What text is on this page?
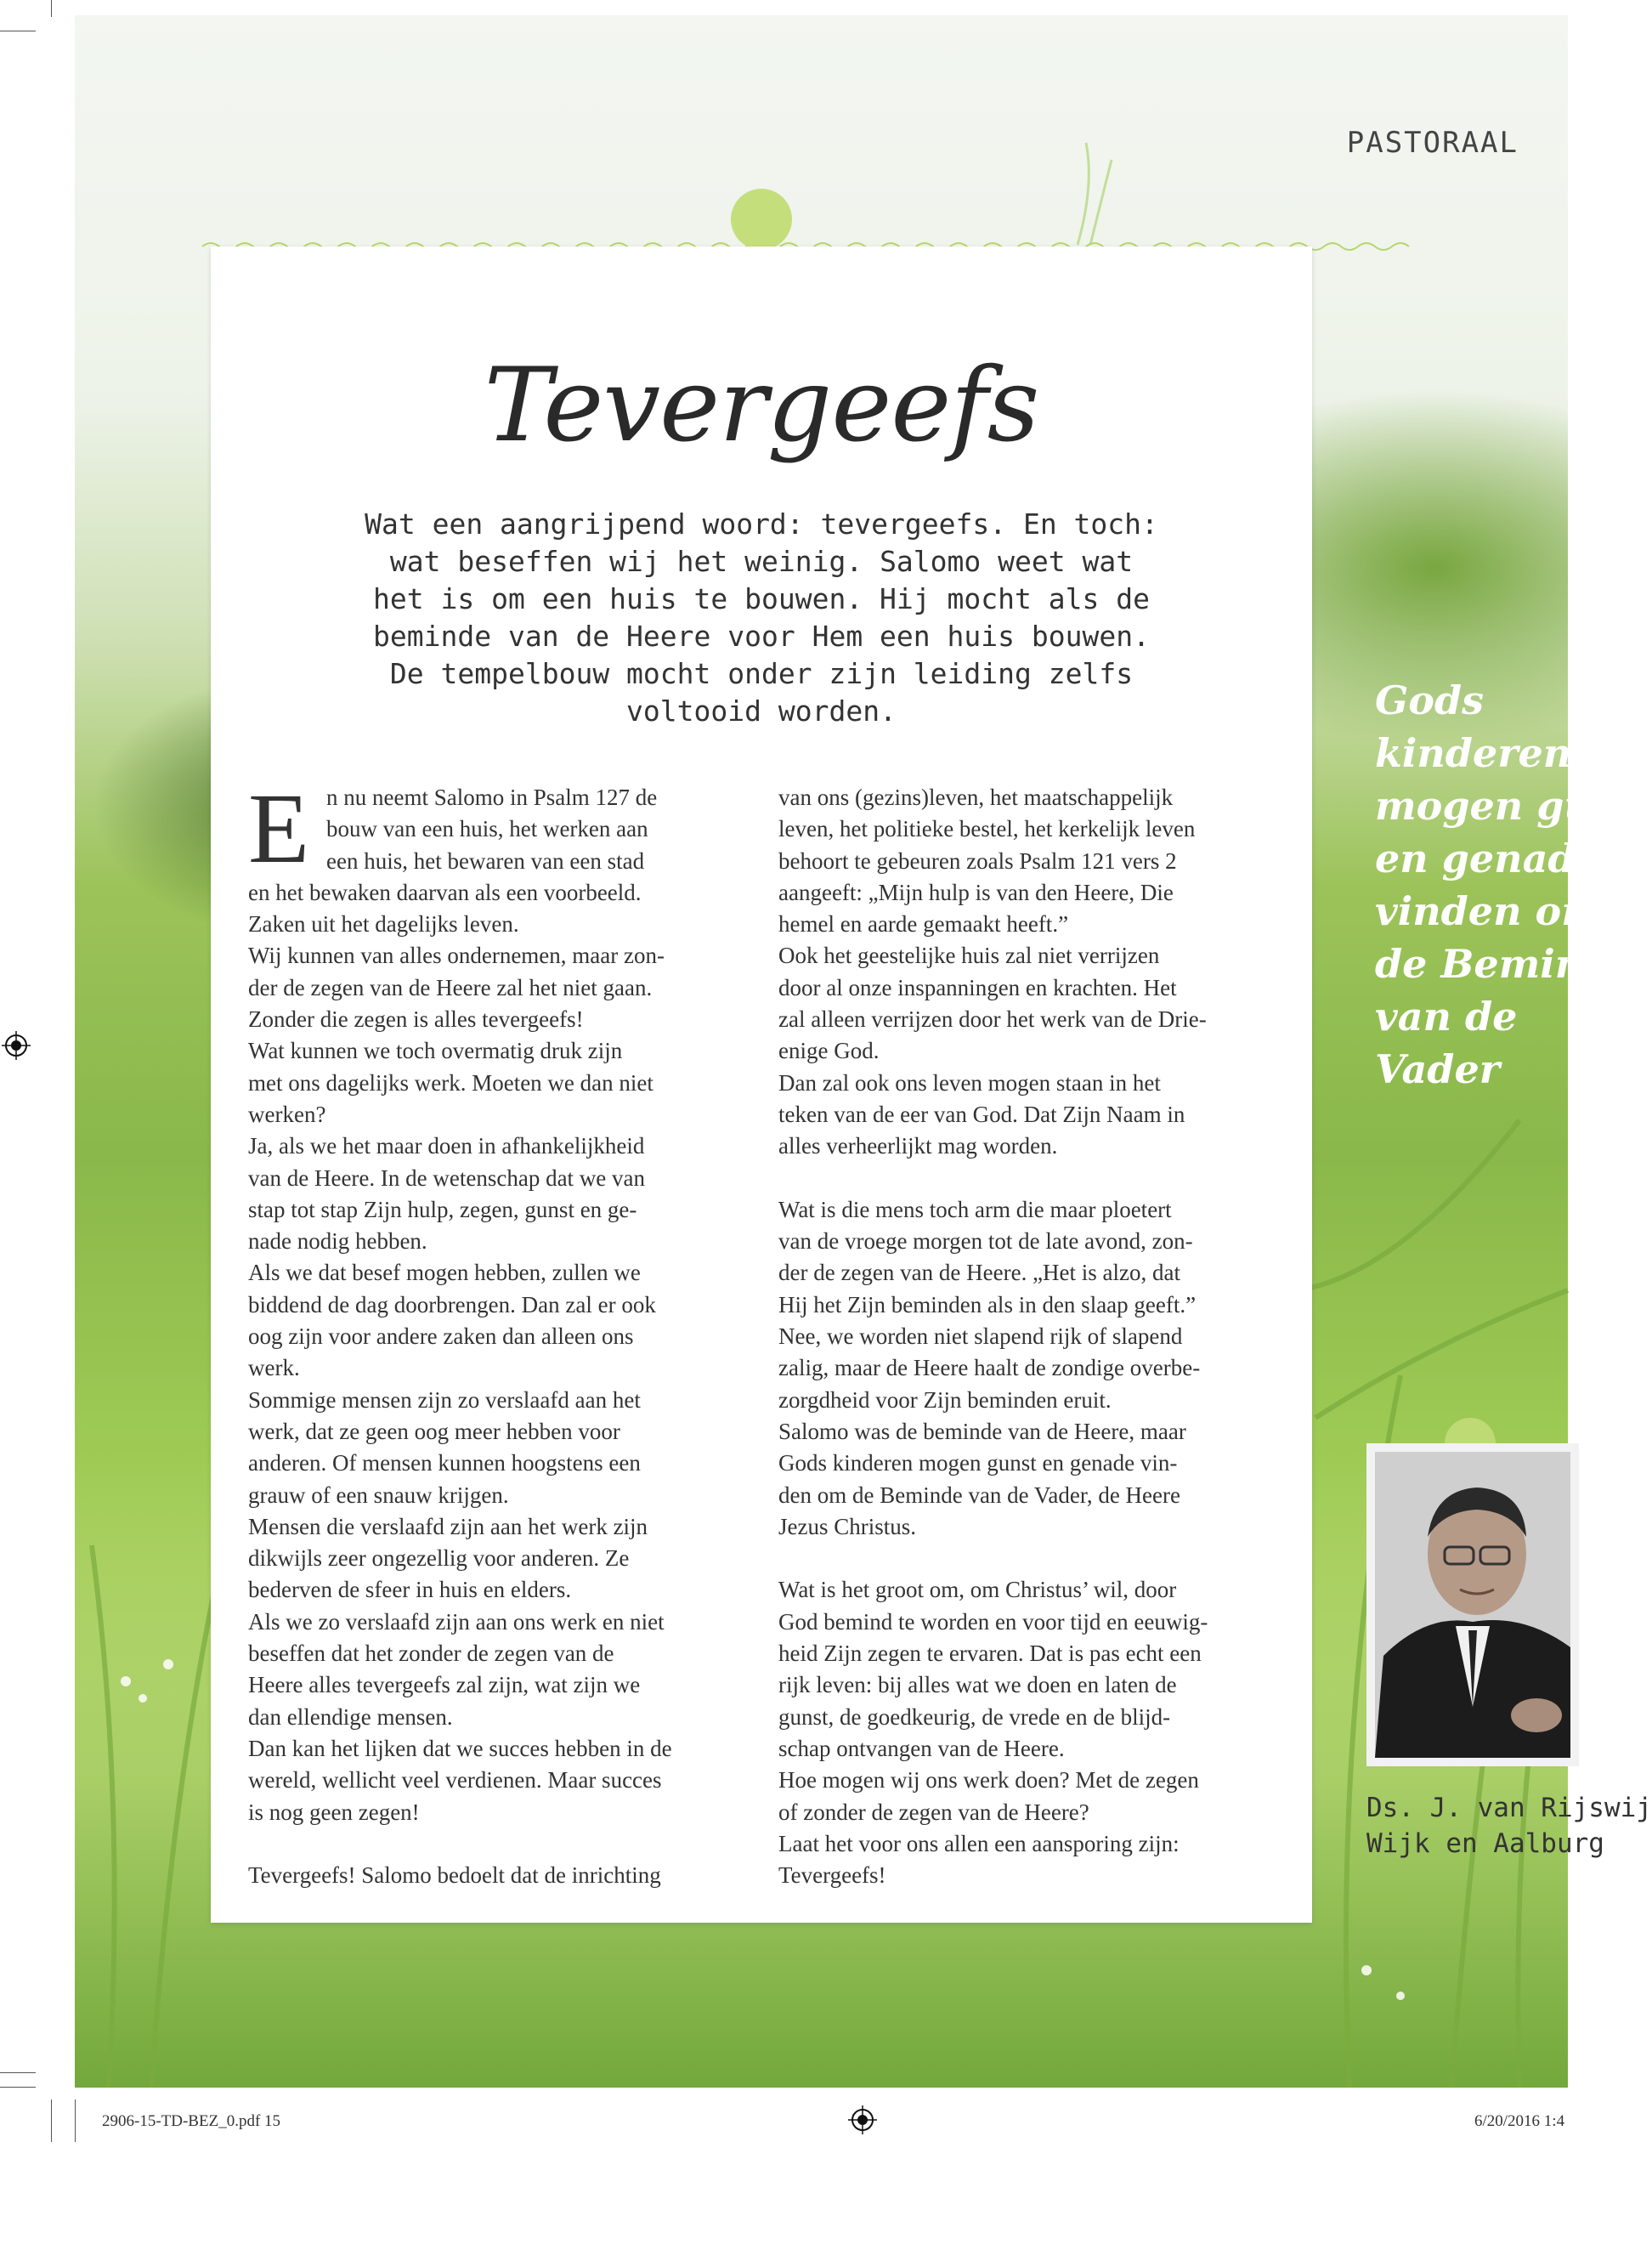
PASTORAAL
Tevergeefs
Wat een aangrijpend woord: tevergeefs. En toch:
wat beseffen wij het weinig. Salomo weet wat
het is om een huis te bouwen. Hij mocht als de
beminde van de Heere voor Hem een huis bouwen.
De tempelbouw mocht onder zijn leiding zelfs
voltooid worden.
E n nu neemt Salomo in Psalm 127 de
bouw van een huis, het werken aan
een huis, het bewaren van een stad
en het bewaken daarvan als een voorbeeld.
Zaken uit het dagelijks leven.
Wij kunnen van alles ondernemen, maar zon-
der de zegen van de Heere zal het niet gaan.
Zonder die zegen is alles tevergeefs!
Wat kunnen we toch overmatig druk zijn
met ons dagelijks werk. Moeten we dan niet
werken?
Ja, als we het maar doen in afhankelijkheid
van de Heere. In de wetenschap dat we van
stap tot stap Zijn hulp, zegen, gunst en ge-
nade nodig hebben.
Als we dat besef mogen hebben, zullen we
biddend de dag doorbrengen. Dan zal er ook
oog zijn voor andere zaken dan alleen ons
werk.
Sommige mensen zijn zo verslaafd aan het
werk, dat ze geen oog meer hebben voor
anderen. Of mensen kunnen hoogstens een
grauw of een snauw krijgen.
Mensen die verslaafd zijn aan het werk zijn
dikwijls zeer ongezellig voor anderen. Ze
bederven de sfeer in huis en elders.
Als we zo verslaafd zijn aan ons werk en niet
beseffen dat het zonder de zegen van de
Heere alles tevergeefs zal zijn, wat zijn we
dan ellendige mensen.
Dan kan het lijken dat we succes hebben in de
wereld, wellicht veel verdienen. Maar succes
is nog geen zegen!
Tevergeefs! Salomo bedoelt dat de inrichting
van ons (gezins)leven, het maatschappelijk
leven, het politieke bestel, het kerkelijk leven
behoort te gebeuren zoals Psalm 121 vers 2
aangeeft: „Mijn hulp is van den Heere, Die
hemel en aarde gemaakt heeft.”
Ook het geestelijke huis zal niet verrijzen
door al onze inspanningen en krachten. Het
zal alleen verrijzen door het werk van de Drie-
enige God.
Dan zal ook ons leven mogen staan in het
teken van de eer van God. Dat Zijn Naam in
alles verheerlijkt mag worden.
Wat is die mens toch arm die maar ploetert
van de vroege morgen tot de late avond, zon-
der de zegen van de Heere. „Het is alzo, dat
Hij het Zijn beminden als in den slaap geeft.”
Nee, we worden niet slapend rijk of slapend
zalig, maar de Heere haalt de zondige overbe-
zorgdheid voor Zijn beminden eruit.
Salomo was de beminde van de Heere, maar
Gods kinderen mogen gunst en genade vin-
den om de Beminde van de Vader, de Heere
Jezus Christus.
Wat is het groot om, om Christus’ wil, door
God bemind te worden en voor tijd en eeuwig-
heid Zijn zegen te ervaren. Dat is pas echt een
rijk leven: bij alles wat we doen en laten de
gunst, de goedkeurig, de vrede en de blijd-
schap ontvangen van de Heere.
Hoe mogen wij ons werk doen? Met de zegen
of zonder de zegen van de Heere?
Laat het voor ons allen een aansporing zijn:
Tevergeefs!
Gods
kinderen
mogen gun
en genade
vinden om
de Bemind
van de
Vader
Ds. J. van Rijswij
Wijk en Aalburg
2906-15-TD-BEZ_0.pdf 15	6/20/2016 1:4
